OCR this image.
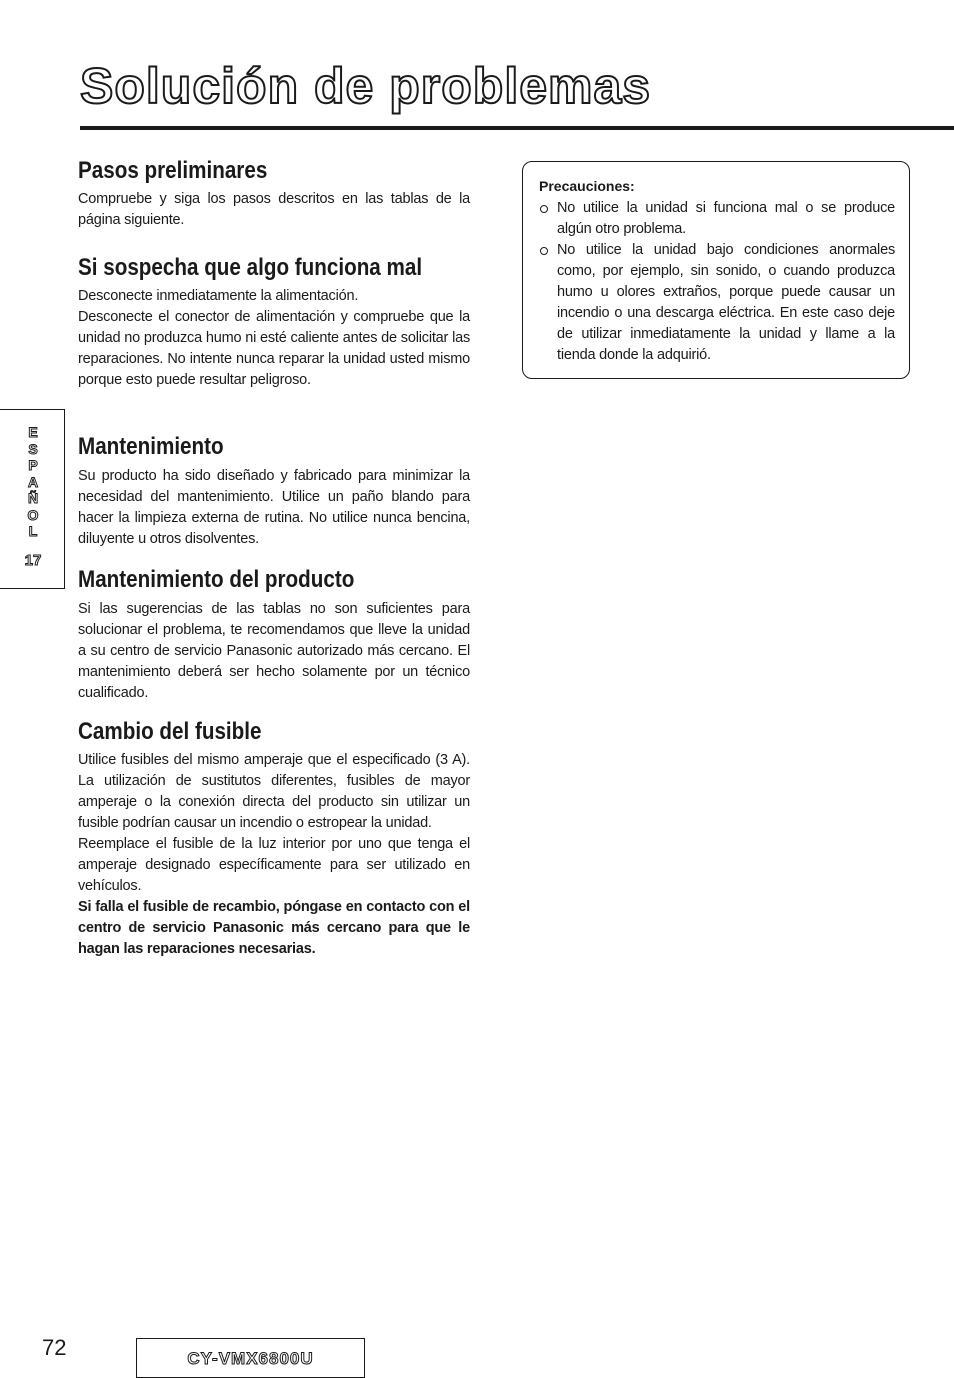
Solución de problemas
Pasos preliminares

Compruebe y siga los pasos descritos en las tablas de la página siguiente.

Si sospecha que algo funciona mal

Desconecte inmediatamente la alimentación.

Desconecte el conector de alimentación y compruebe que la unidad no produzca humo ni esté caliente antes de solicitar las reparaciones. No intente nunca reparar la unidad usted mismo porque esto puede resultar peligroso.

Mantenimiento

Su producto ha sido diseñado y fabricado para minimizar la necesidad del mantenimiento. Utilice un paño blando para hacer la limpieza externa de rutina. No utilice nunca bencina, diluyente u otros disolventes.

Mantenimiento del producto

Si las sugerencias de las tablas no son suficientes para solucionar el problema, te recomendamos que lleve la unidad a su centro de servicio Panasonic autorizado más cercano. El mantenimiento deberá ser hecho solamente por un técnico cualificado.

Cambio del fusible

Utilice fusibles del mismo amperaje que el especificado (3 A). La utilización de sustitutos diferentes, fusibles de mayor amperaje o la conexión directa del producto sin utilizar un fusible podrían causar un incendio o estropear la unidad.

Reemplace el fusible de la luz interior por uno que tenga el amperaje designado específicamente para ser utilizado en vehículos.

Si falla el fusible de recambio, póngase en contacto con el centro de servicio Panasonic más cercano para que le hagan las reparaciones necesarias.

Precauciones:

No utilice la unidad si funciona mal o se produce algún otro problema.
No utilice la unidad bajo condiciones anormales como, por ejemplo, sin sonido, o cuando produzca humo u olores extraños, porque puede causar un incendio o una descarga eléctrica. En este caso deje de utilizar inmediatamente la unidad y llame a la tienda donde la adquirió.
E
S
P
A
Ñ
O
L
17
72	CY-VMX6800U
